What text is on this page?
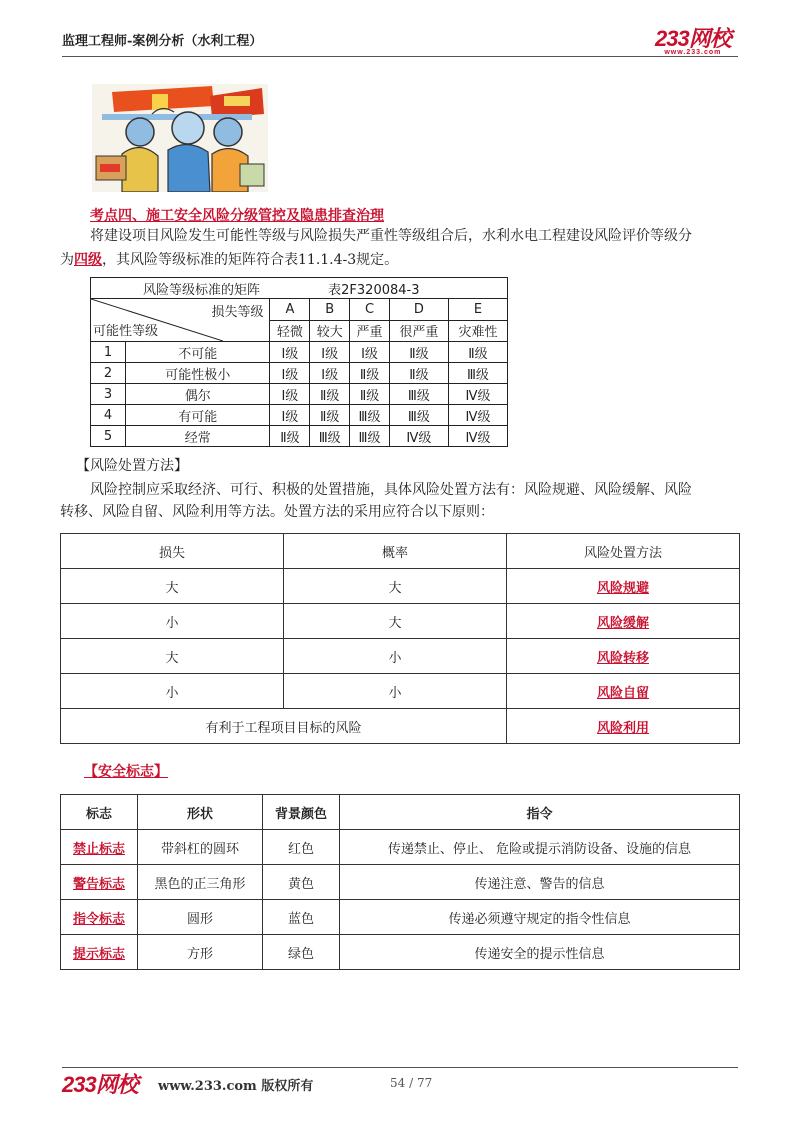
监理工程师-案例分析（水利工程）	233网校
www.233.com
考点四、施工安全风险分级管控及隐患排查治理
将建设项目风险发生可能性等级与风险损失严重性等级组合后，水利水电工程建设风险评价等级分
为四级，其风险等级标准的矩阵符合表11.1.4-3规定。
风险等级标准的矩阵 表2F320084-3						

损失等级
可能性等级		A	B	C	D	E
		轻微	较大	严重	很严重	灾难性
1	不可能	Ⅰ级	Ⅰ级	Ⅰ级	Ⅱ级	Ⅱ级
2	可能性极小	Ⅰ级	Ⅰ级	Ⅱ级	Ⅱ级	Ⅲ级
3	偶尔	Ⅰ级	Ⅱ级	Ⅱ级	Ⅲ级	Ⅳ级
4	有可能	Ⅰ级	Ⅱ级	Ⅲ级	Ⅲ级	Ⅳ级
5	经常	Ⅱ级	Ⅲ级	Ⅲ级	Ⅳ级	Ⅳ级
【风险处置方法】
风险控制应采取经济、可行、积极的处置措施，具体风险处置方法有：风险规避、风险缓解、风险
转移、风险自留、风险利用等方法。处置方法的采用应符合以下原则：
损失	概率	风险处置方法
大	大	风险规避
小	大	风险缓解
大	小	风险转移
小	小	风险自留
有利于工程项目目标的风险		风险利用
【安全标志】
标志	形状	背景颜色	指令
禁止标志	带斜杠的圆环	红色	传递禁止、停止、 危险或提示消防设备、设施的信息
警告标志	黑色的正三角形	黄色	传递注意、警告的信息
指令标志	圆形	蓝色	传递必须遵守规定的指令性信息
提示标志	方形	绿色	传递安全的提示性信息
233网校 www.233.com 版权所有	54 / 77
